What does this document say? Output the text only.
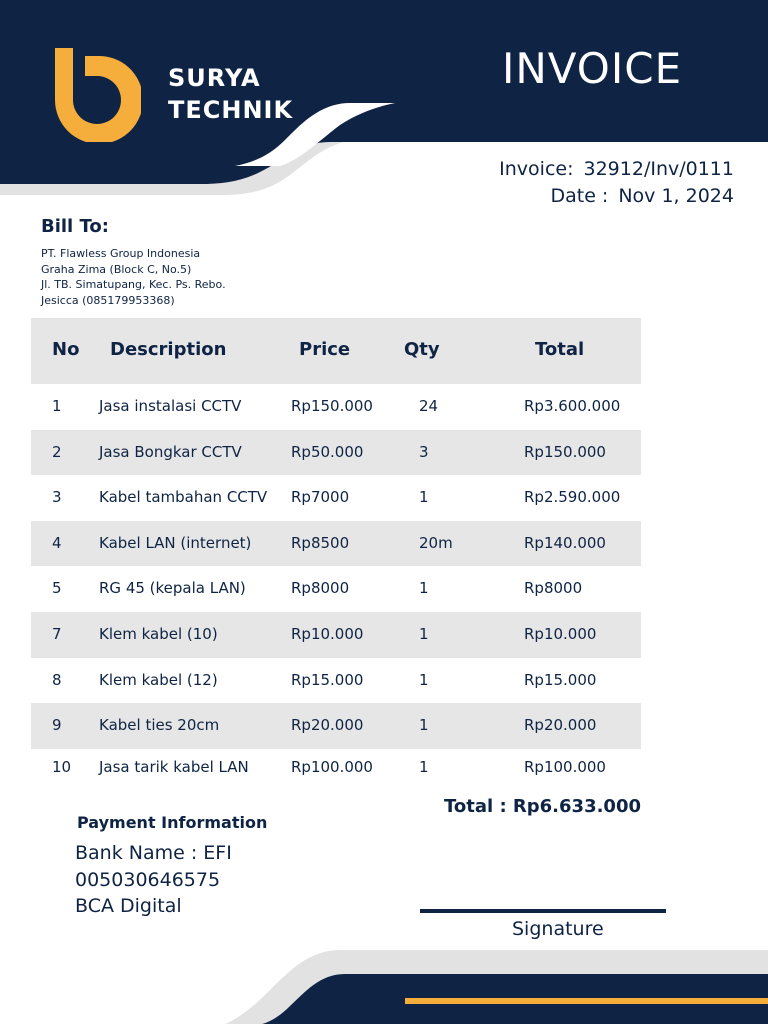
SURYA
TECHNIK
INVOICE
Invoice: 32912/Inv/0111
Date : Nov 1, 2024
Bill To:
PT. Flawless Group Indonesia
Graha Zima (Block C, No.5)
Jl. TB. Simatupang, Kec. Ps. Rebo.
Jesicca (085179953368)
No Description	Price	Qty	Total
1 Jasa instalasi CCTV	Rp150.000	24	Rp3.600.000
2 Jasa Bongkar CCTV	Rp50.000	3	Rp150.000
3 Kabel tambahan CCTV Rp7000	1	Rp2.590.000
4 Kabel LAN (internet)	Rp8500	20m	Rp140.000
5 RG 45 (kepala LAN)	Rp8000	1	Rp8000
7 Klem kabel (10)	Rp10.000	1	Rp10.000
8 Klem kabel (12)	Rp15.000	1	Rp15.000
9 Kabel ties 20cm	Rp20.000	1	Rp20.000
10 Jasa tarik kabel LAN	Rp100.000	1	Rp100.000
Total : Rp6.633.000
Payment Information
Bank Name : EFI
005030646575
BCA Digital
Signature
